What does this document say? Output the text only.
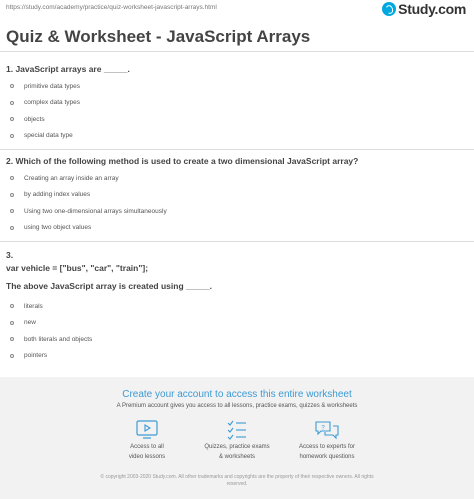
https://study.com/academy/practice/quiz-worksheet-javascript-arrays.html	Study.com
Quiz & Worksheet - JavaScript Arrays
1. JavaScript arrays are _____.
primitive data types
complex data types
objects
special data type
2. Which of the following method is used to create a two dimensional JavaScript array?
Creating an array inside an array
by adding index values
Using two one-dimensional arrays simultaneously
using two object values
3.
var vehicle = ["bus", "car", "train"];
The above JavaScript array is created using _____.
literals
new
both literals and objects
pointers
Create your account to access this entire worksheet
A Premium account gives you access to all lessons, practice exams, quizzes & worksheets
Access to all
video lessons
Quizzes, practice exams
& worksheets
?
Access to experts for
homework questions
© copyright 2003-2020 Study.com. All other trademarks and copyrights are the property of their respective owners. All rights
reserved.
